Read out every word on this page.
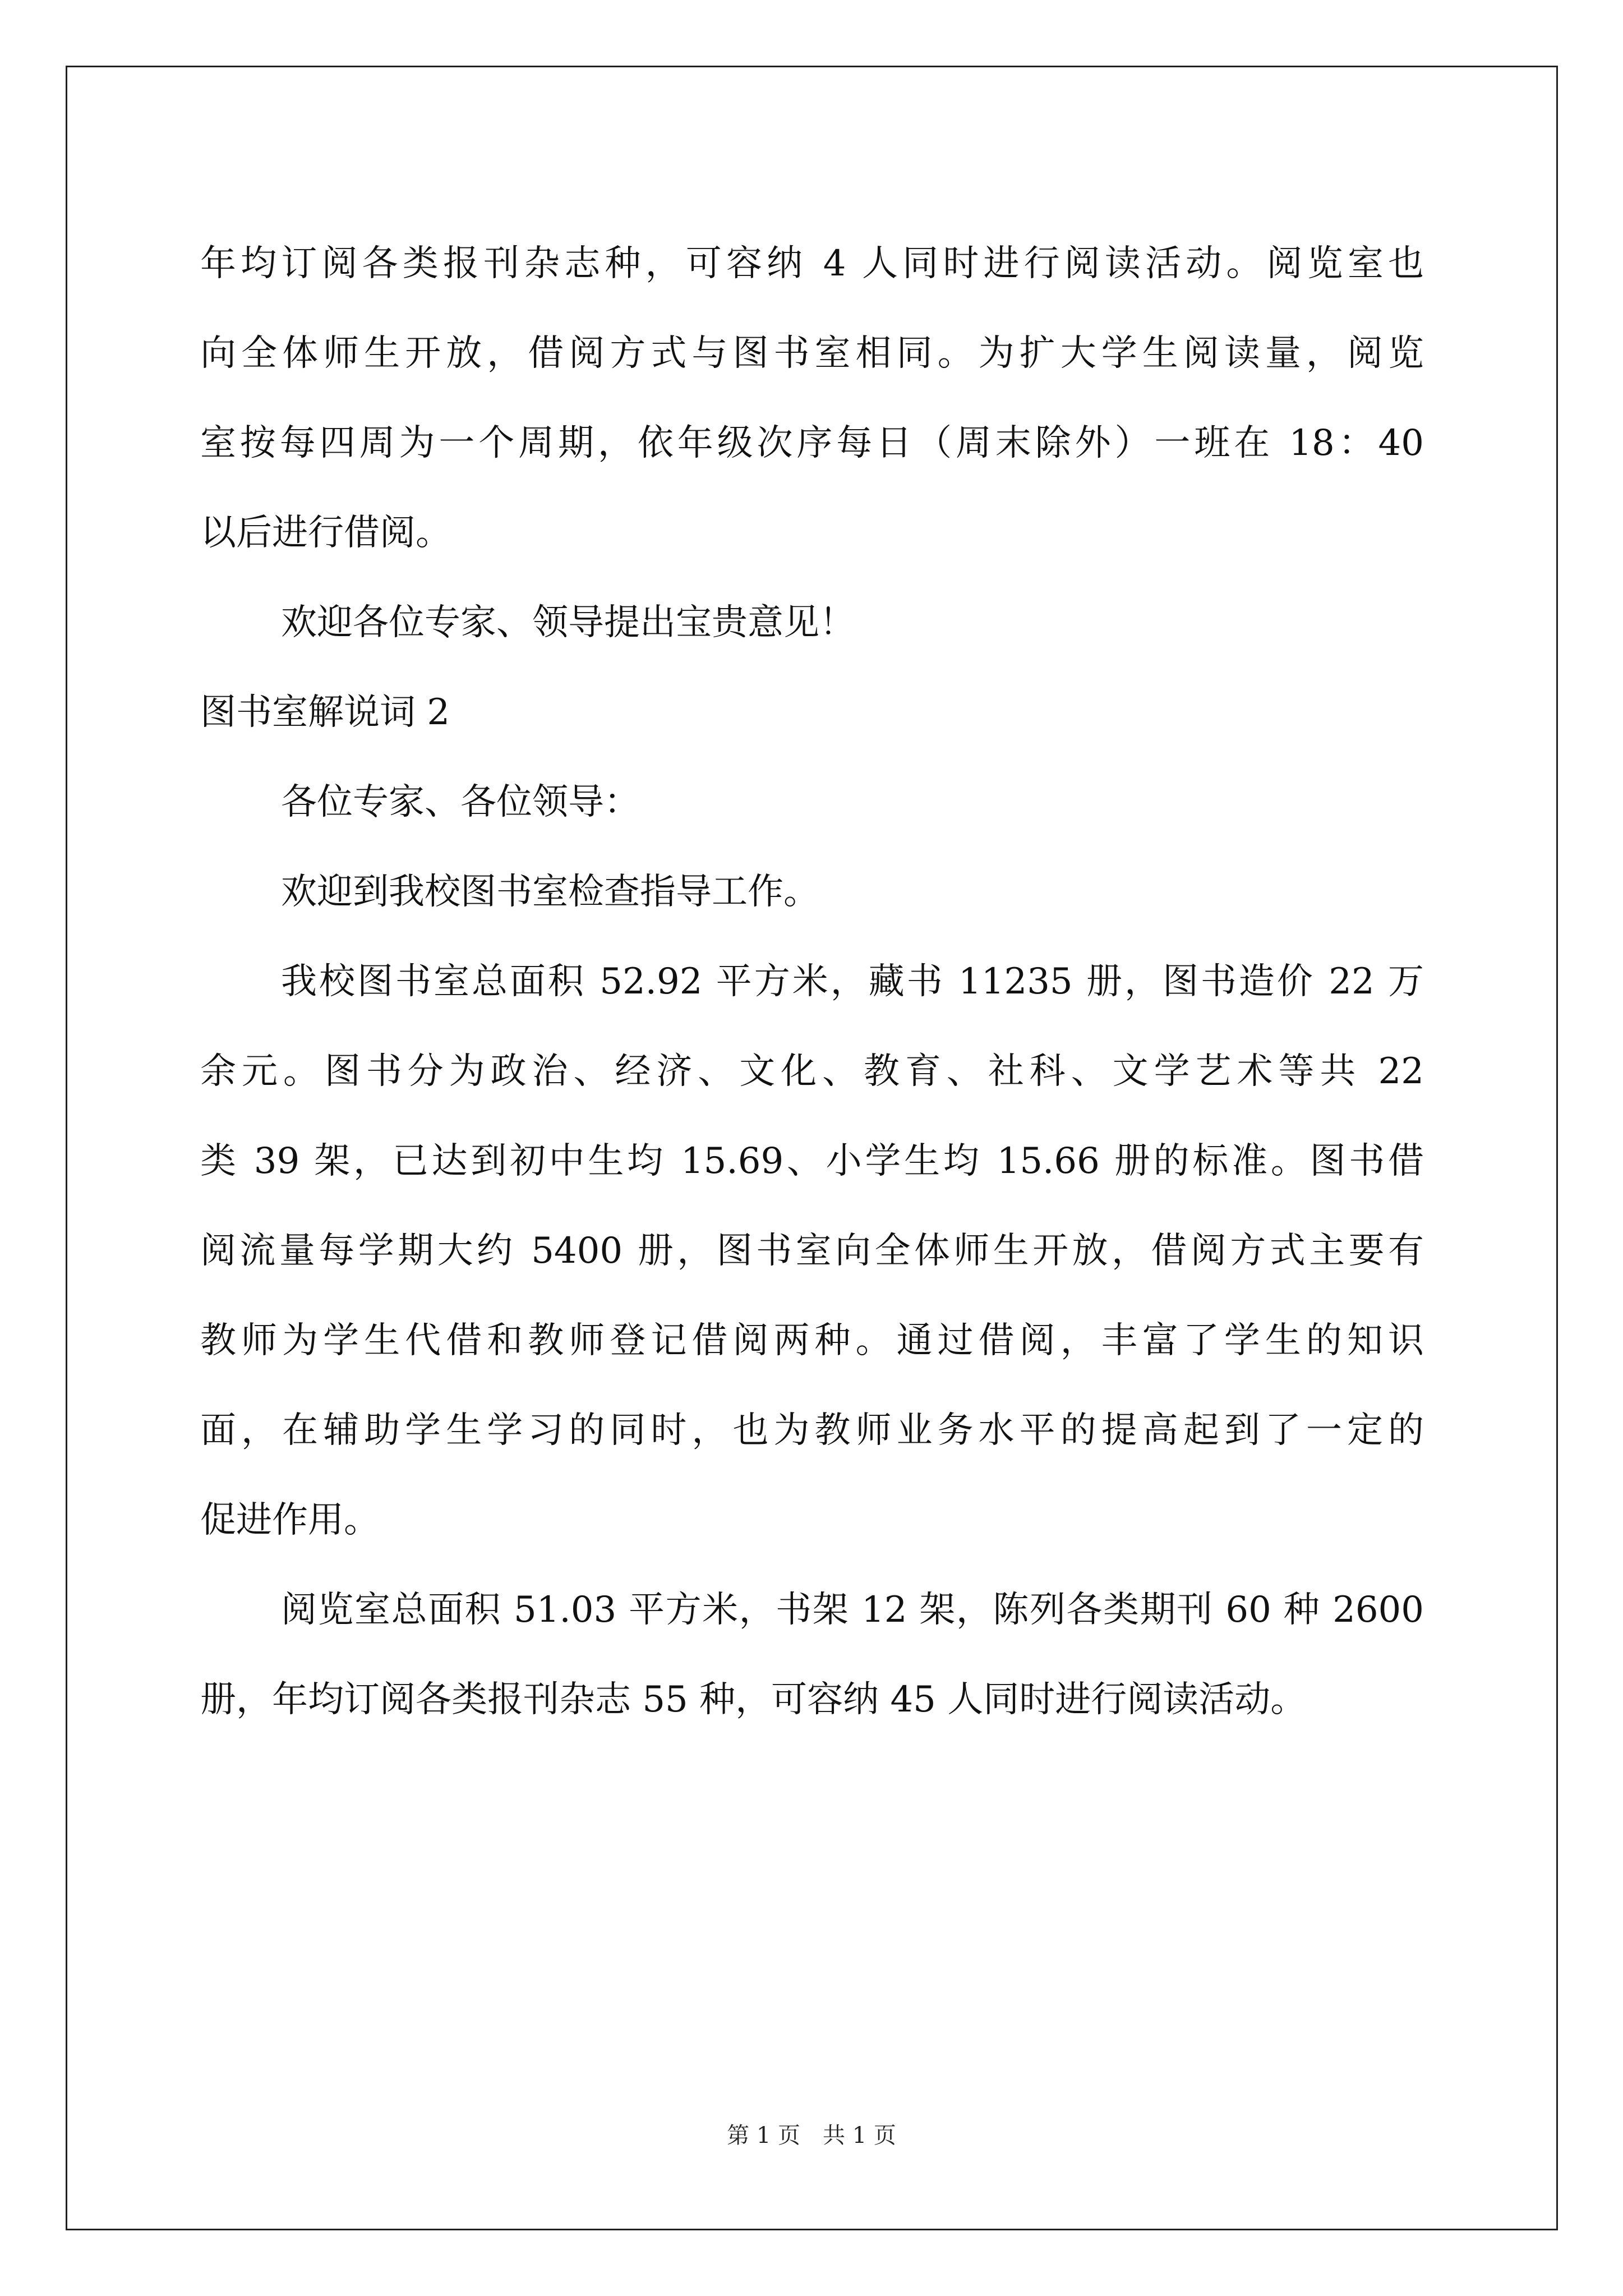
年均订阅各类报刊杂志种，可容纳 4 人同时进行阅读活动。阅览室也
向全体师生开放，借阅方式与图书室相同。为扩大学生阅读量，阅览
室按每四周为一个周期，依年级次序每日（周末除外）一班在 18：40
以后进行借阅。
欢迎各位专家、领导提出宝贵意见！
图书室解说词 2
各位专家、各位领导：
欢迎到我校图书室检查指导工作。
我校图书室总面积 52.92 平方米，藏书 11235 册，图书造价 22 万
余元。图书分为政治、经济、文化、教育、社科、文学艺术等共 22
类 39 架，已达到初中生均 15.69、小学生均 15.66 册的标准。图书借
阅流量每学期大约 5400 册，图书室向全体师生开放，借阅方式主要有
教师为学生代借和教师登记借阅两种。通过借阅，丰富了学生的知识
面，在辅助学生学习的同时，也为教师业务水平的提高起到了一定的
促进作用。
阅览室总面积 51.03 平方米，书架 12 架，陈列各类期刊 60 种 2600
册，年均订阅各类报刊杂志 55 种，可容纳 45 人同时进行阅读活动。
第 1 页　共 1 页
